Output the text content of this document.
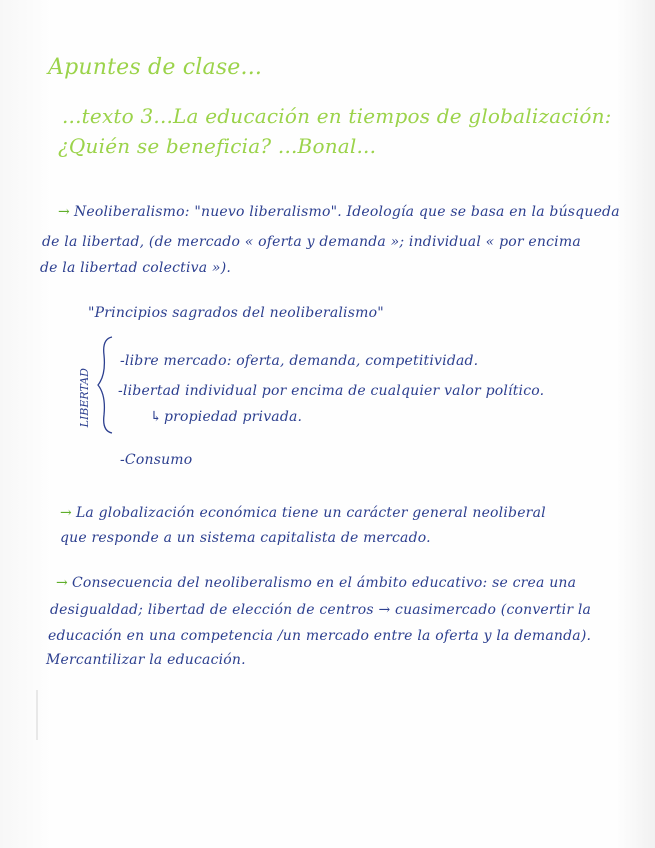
Apuntes de clase...
...texto 3...La educación en tiempos de globalización:
¿Quién se beneficia? ...Bonal...
→ Neoliberalismo: "nuevo liberalismo". Ideología que se basa en la búsqueda
de la libertad, (de mercado « oferta y demanda »; individual « por encima
de la libertad colectiva »).
"Principios sagrados del neoliberalismo"
LIBERTAD
-libre mercado: oferta, demanda, competitividad.
-libertad individual por encima de cualquier valor político.
↳ propiedad privada.
-Consumo
→ La globalización económica tiene un carácter general neoliberal
que responde a un sistema capitalista de mercado.
→ Consecuencia del neoliberalismo en el ámbito educativo: se crea una
desigualdad; libertad de elección de centros → cuasimercado (convertir la
educación en una competencia /un mercado entre la oferta y la demanda).
Mercantilizar la educación.
